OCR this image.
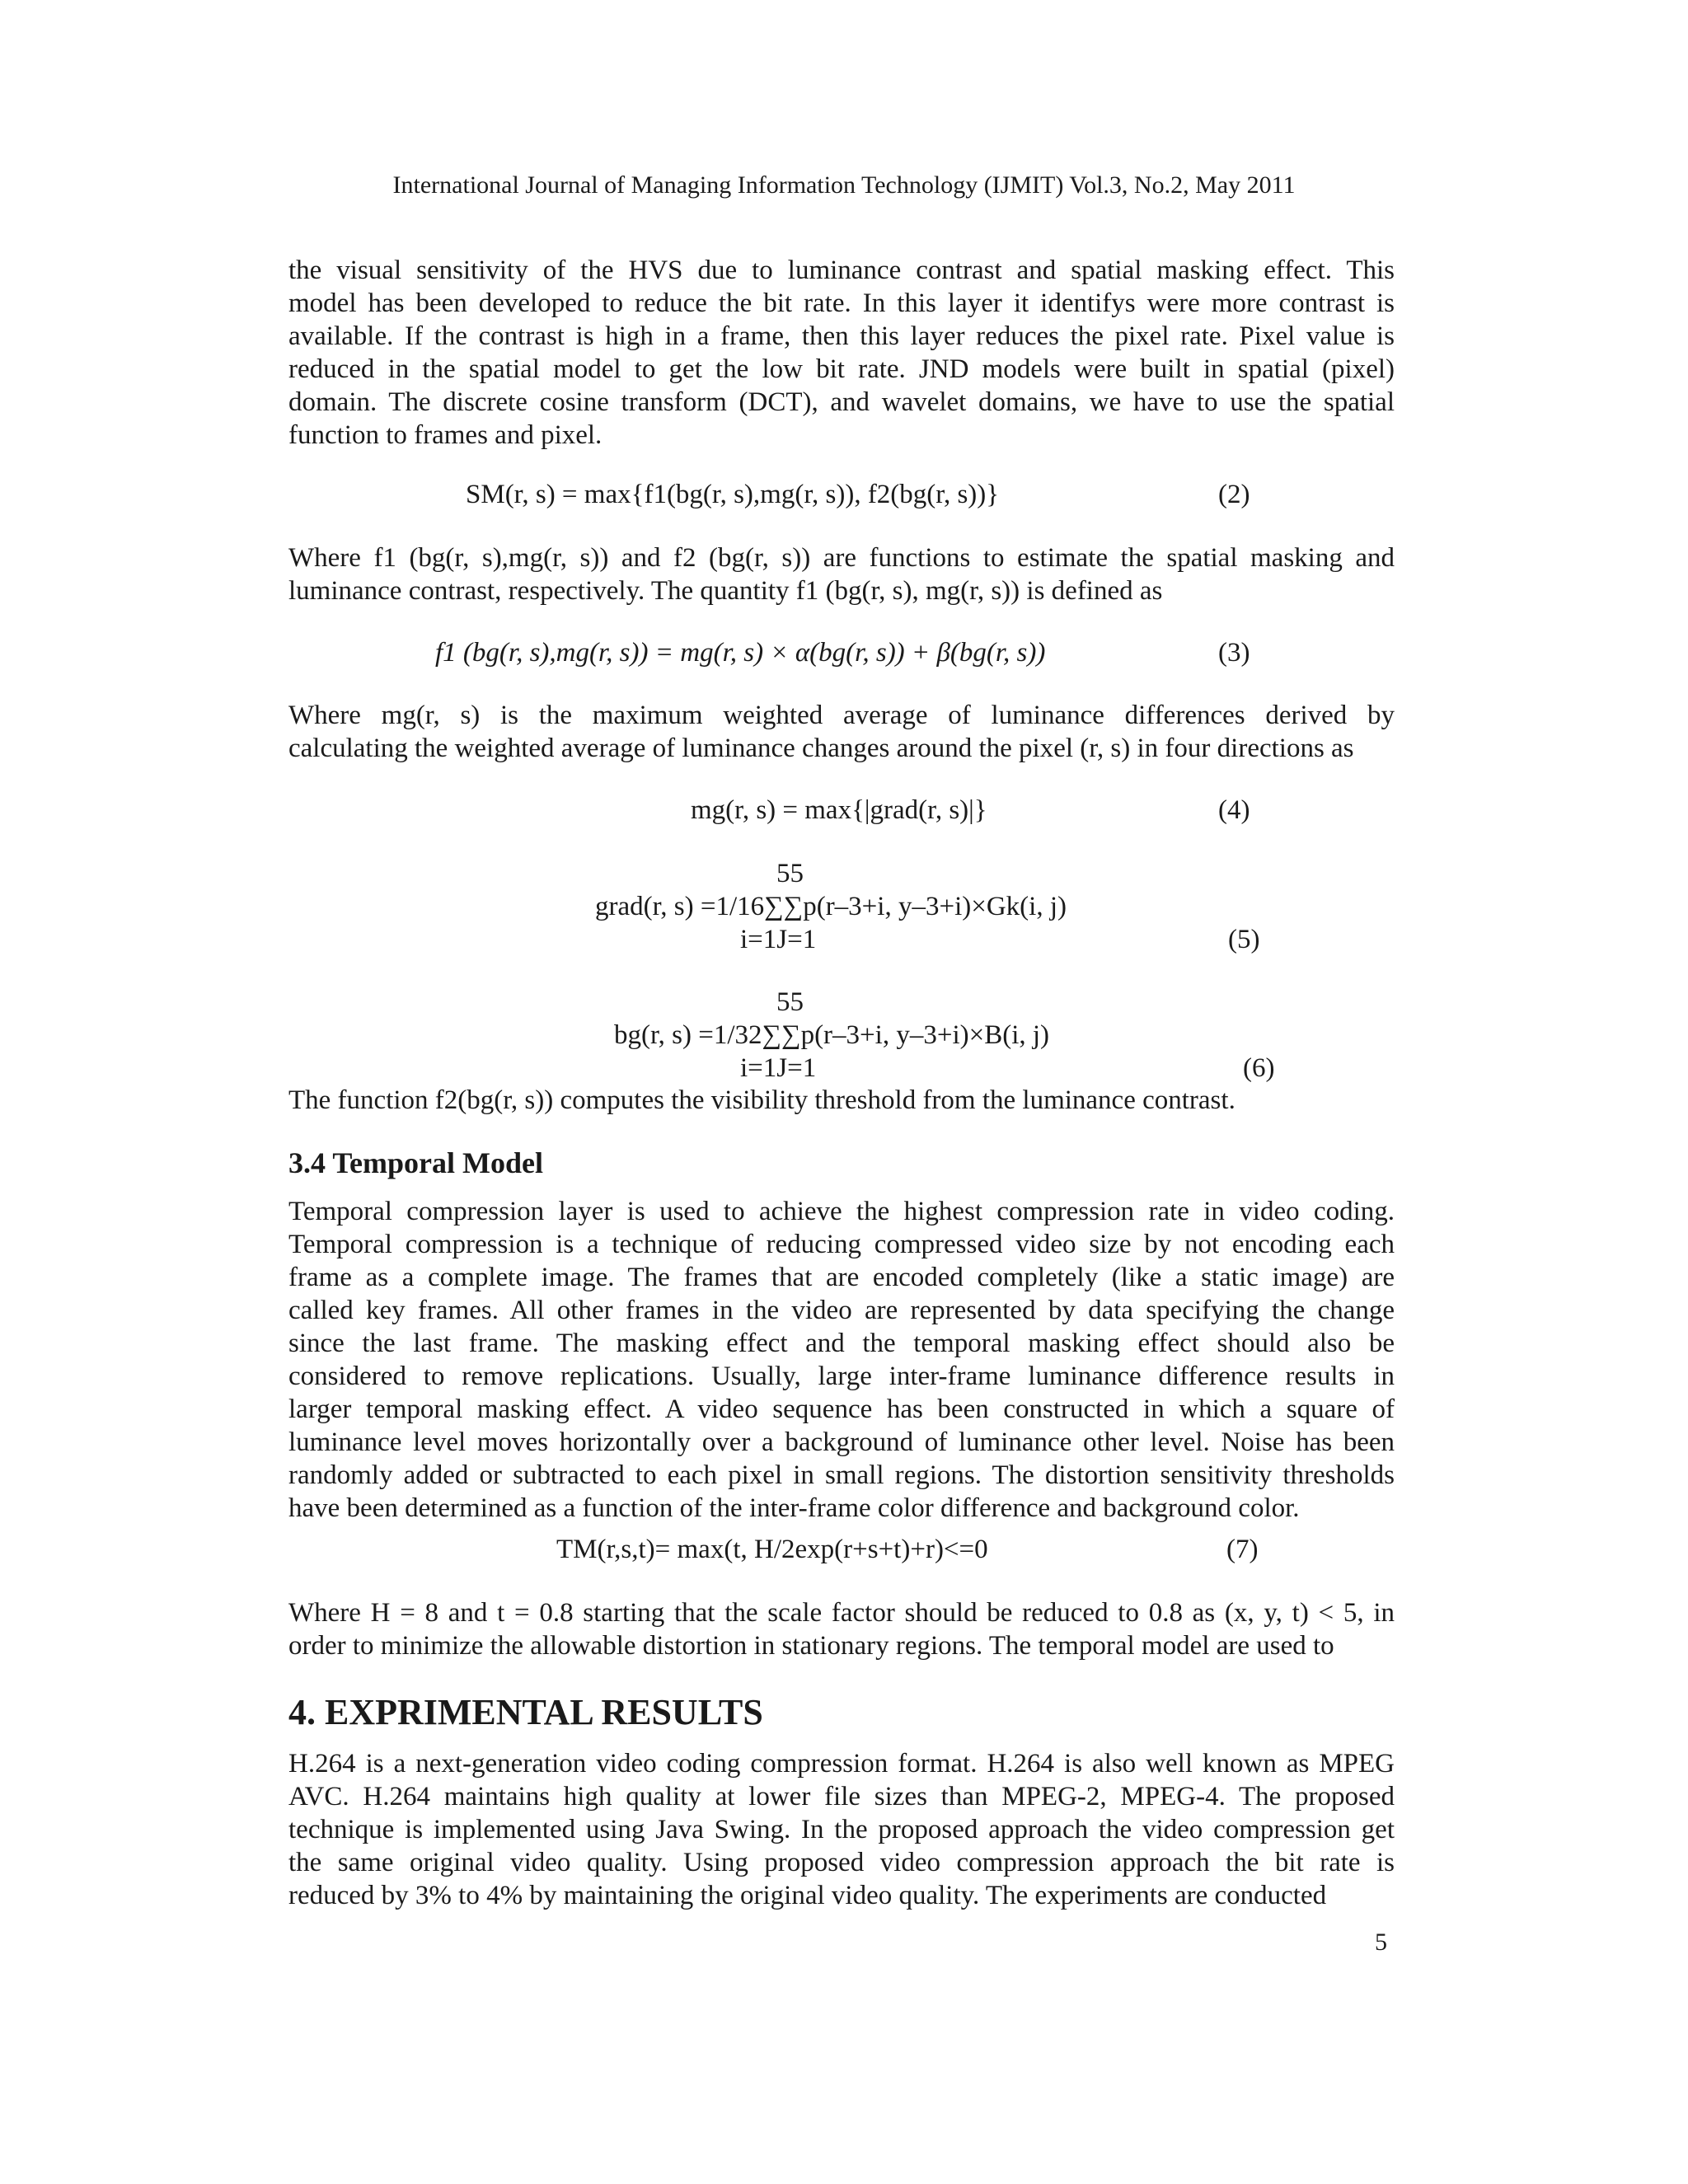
International Journal of Managing Information Technology (IJMIT) Vol.3, No.2, May 2011
the visual sensitivity of the HVS due to luminance contrast and spatial masking effect. This
model has been developed to reduce the bit rate. In this layer it identifys were more contrast is
available. If the contrast is high in a frame, then this layer reduces the pixel rate. Pixel value is
reduced in the spatial model to get the low bit rate. JND models were built in spatial (pixel)
domain. The discrete cosine transform (DCT), and wavelet domains, we have to use the spatial
function to frames and pixel.
SM(r, s) = max{f1(bg(r, s),mg(r, s)), f2(bg(r, s))}	(2)
Where f1 (bg(r, s),mg(r, s)) and f2 (bg(r, s)) are functions to estimate the spatial masking and
luminance contrast, respectively. The quantity f1 (bg(r, s), mg(r, s)) is defined as
f1 (bg(r, s),mg(r, s)) = mg(r, s) × α(bg(r, s)) + β(bg(r, s))	(3)
Where mg(r, s) is the maximum weighted average of luminance differences derived by
calculating the weighted average of luminance changes around the pixel (r, s) in four directions as
mg(r, s) = max{|grad(r, s)|}	(4)
55
grad(r, s) =1/16∑∑p(r–3+i, y–3+i)×Gk(i, j)
i=1J=1	(5)
55
bg(r, s) =1/32∑∑p(r–3+i, y–3+i)×B(i, j)
i=1J=1	(6)
The function f2(bg(r, s)) computes the visibility threshold from the luminance contrast.
3.4 Temporal Model
Temporal compression layer is used to achieve the highest compression rate in video coding.
Temporal compression is a technique of reducing compressed video size by not encoding each
frame as a complete image. The frames that are encoded completely (like a static image) are
called key frames. All other frames in the video are represented by data specifying the change
since the last frame. The masking effect and the temporal masking effect should also be
considered to remove replications. Usually, large inter-frame luminance difference results in
larger temporal masking effect. A video sequence has been constructed in which a square of
luminance level moves horizontally over a background of luminance other level. Noise has been
randomly added or subtracted to each pixel in small regions. The distortion sensitivity thresholds
have been determined as a function of the inter-frame color difference and background color.
TM(r,s,t)= max(t, H/2exp(r+s+t)+r)<=0	(7)
Where H = 8 and t = 0.8 starting that the scale factor should be reduced to 0.8 as (x, y, t) < 5, in
order to minimize the allowable distortion in stationary regions. The temporal model are used to
4. EXPRIMENTAL RESULTS
H.264 is a next-generation video coding compression format. H.264 is also well known as MPEG
AVC. H.264 maintains high quality at lower file sizes than MPEG-2, MPEG-4. The proposed
technique is implemented using Java Swing. In the proposed approach the video compression get
the same original video quality. Using proposed video compression approach the bit rate is
reduced by 3% to 4% by maintaining the original video quality. The experiments are conducted
5
